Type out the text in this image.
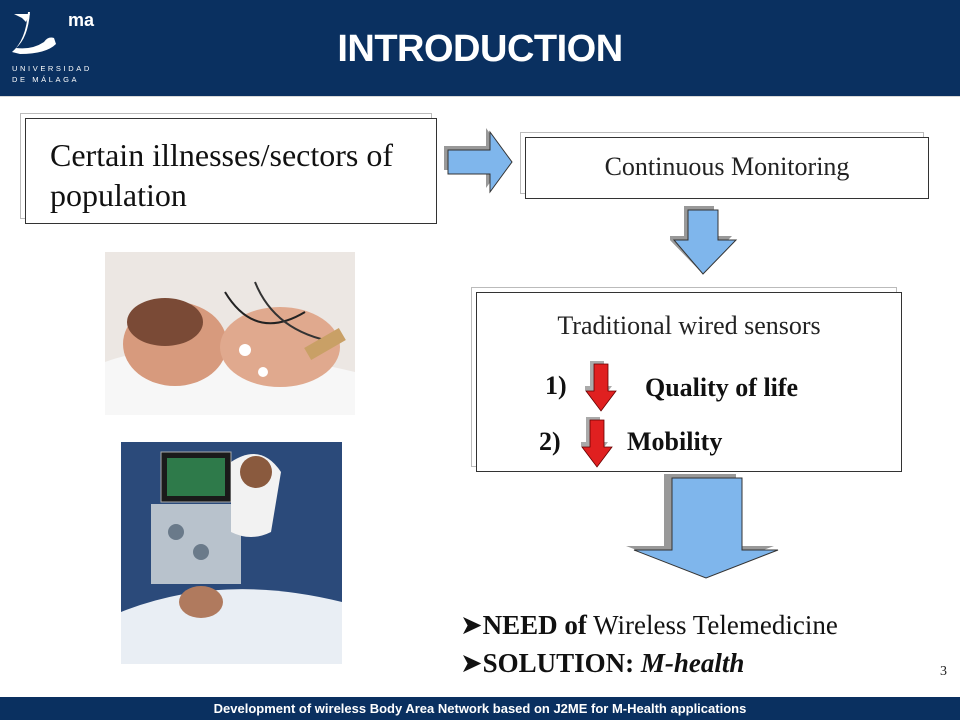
ma
UNIVERSIDAD
DE MÁLAGA
INTRODUCTION
Certain illnesses/sectors of population
Continuous Monitoring
Traditional wired sensors
1)	Quality of life
2)	Mobility
➤NEED of Wireless Telemedicine
➤SOLUTION: M-health	3
Development of wireless Body Area Network based on J2ME for M-Health applications
